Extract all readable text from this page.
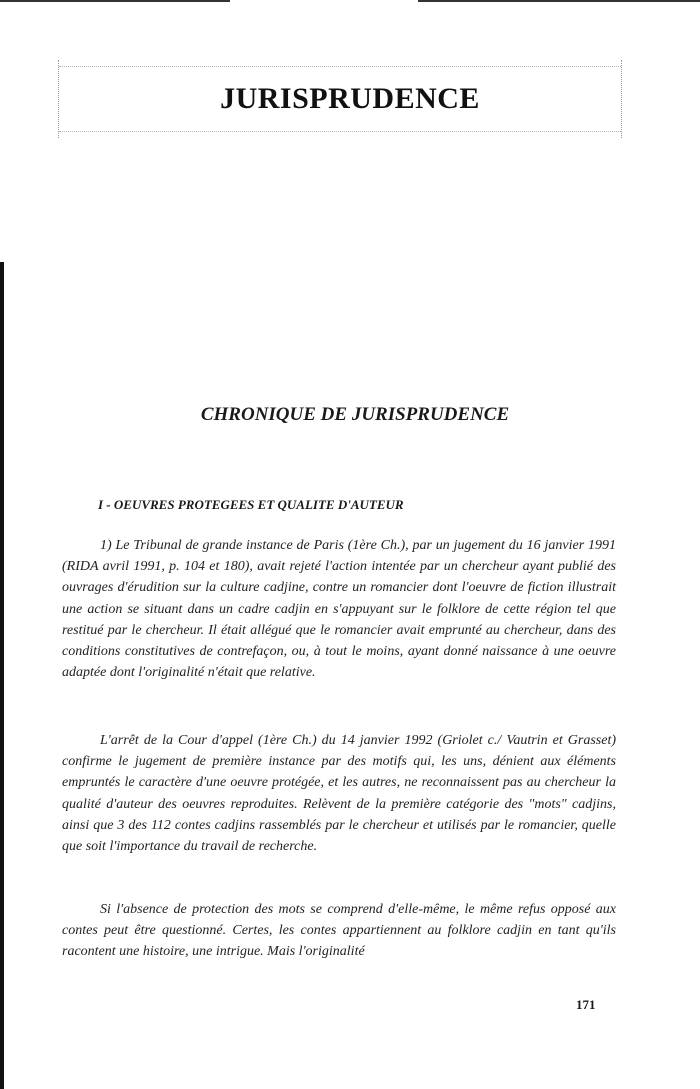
JURISPRUDENCE
CHRONIQUE DE JURISPRUDENCE
I - OEUVRES PROTEGEES ET QUALITE D'AUTEUR

1) Le Tribunal de grande instance de Paris (1ère Ch.), par un jugement du 16 janvier 1991 (RIDA avril 1991, p. 104 et 180), avait rejeté l'action intentée par un chercheur ayant publié des ouvrages d'érudition sur la culture cadjine, contre un romancier dont l'oeuvre de fiction illustrait une action se situant dans un cadre cadjin en s'appuyant sur le folklore de cette région tel que restitué par le chercheur. Il était allégué que le romancier avait emprunté au chercheur, dans des conditions constitutives de contrefaçon, ou, à tout le moins, ayant donné naissance à une oeuvre adaptée dont l'originalité n'était que relative.

L'arrêt de la Cour d'appel (1ère Ch.) du 14 janvier 1992 (Griolet c./ Vautrin et Grasset) confirme le jugement de première instance par des motifs qui, les uns, dénient aux éléments empruntés le caractère d'une oeuvre protégée, et les autres, ne reconnaissent pas au chercheur la qualité d'auteur des oeuvres reproduites. Relèvent de la première catégorie des "mots" cadjins, ainsi que 3 des 112 contes cadjins rassemblés par le chercheur et utilisés par le romancier, quelle que soit l'importance du travail de recherche.

Si l'absence de protection des mots se comprend d'elle-même, le même refus opposé aux contes peut être questionné. Certes, les contes appartiennent au folklore cadjin en tant qu'ils racontent une histoire, une intrigue. Mais l'originalité

171
